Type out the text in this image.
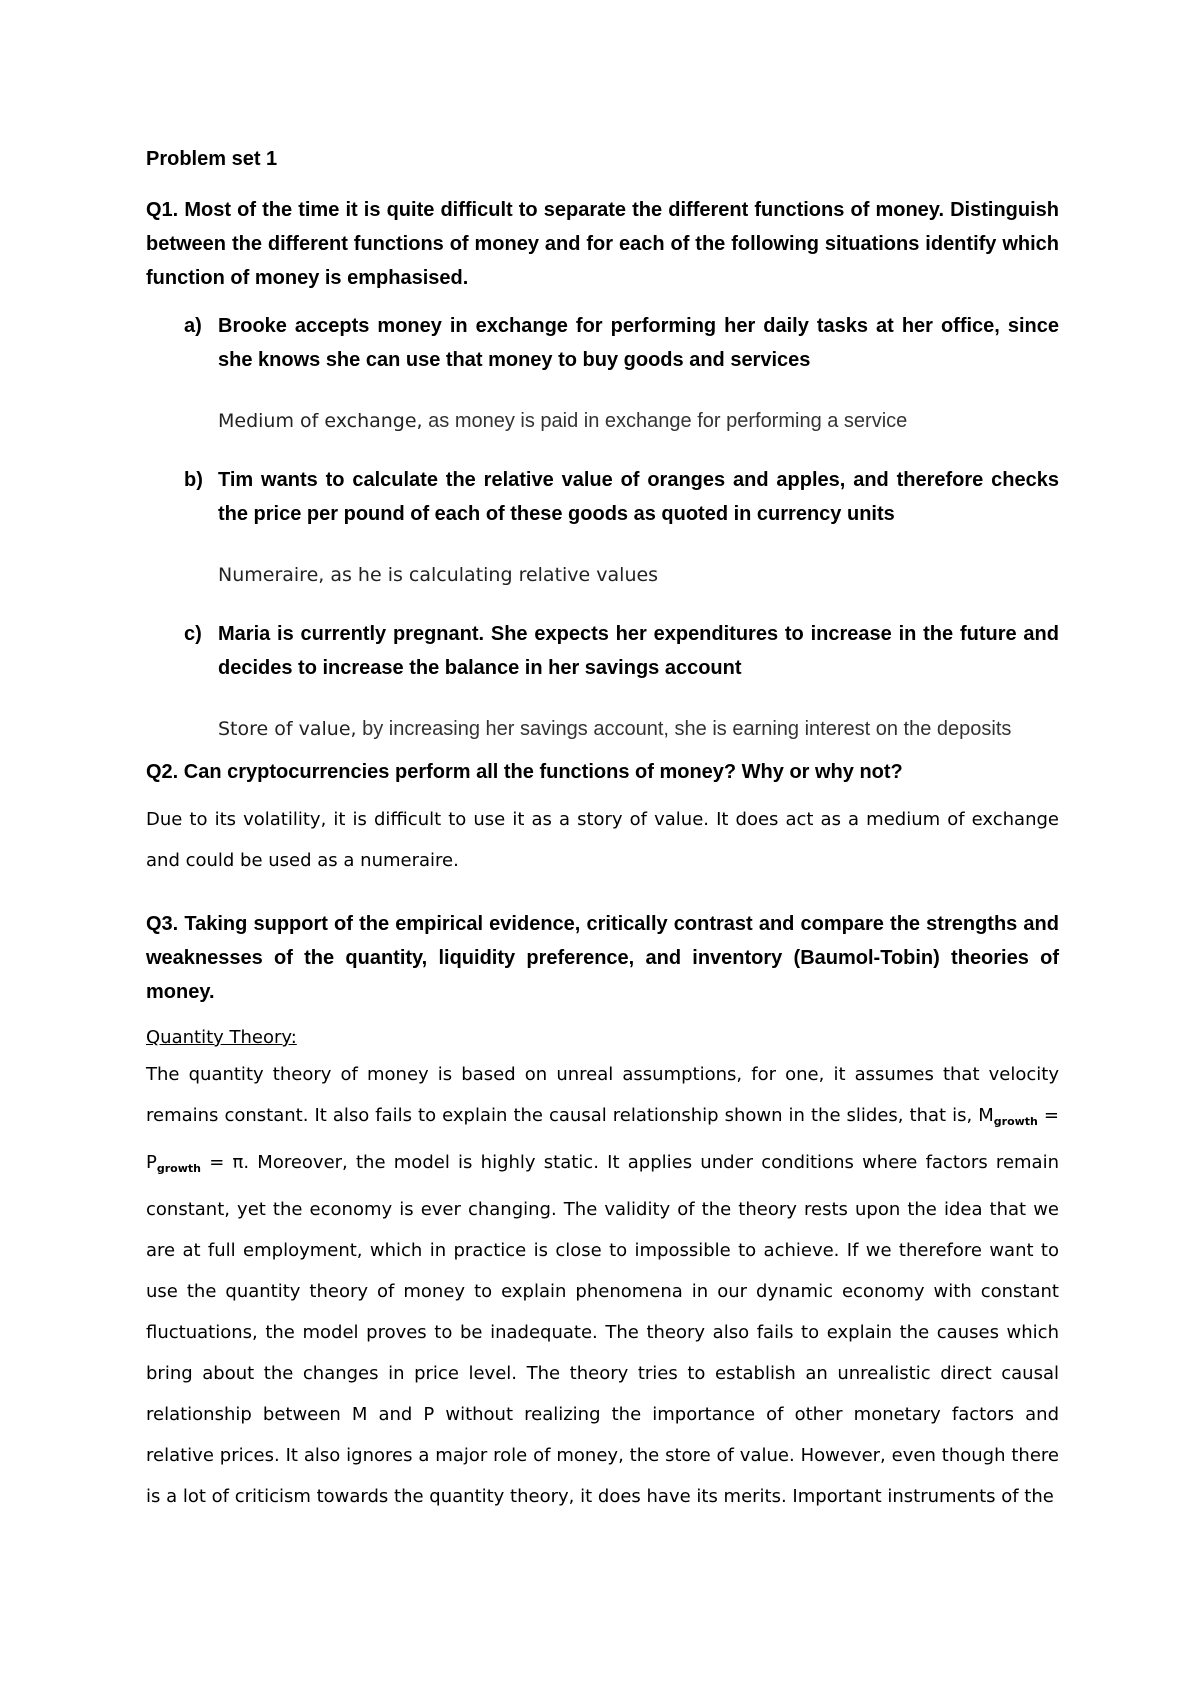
Problem set 1

Q1. Most of the time it is quite difficult to separate the different functions of money. Distinguish between the different functions of money and for each of the following situations identify which function of money is emphasised.

a) Brooke accepts money in exchange for performing her daily tasks at her office, since she knows she can use that money to buy goods and services
Medium of exchange, as money is paid in exchange for performing a service
b) Tim wants to calculate the relative value of oranges and apples, and therefore checks the price per pound of each of these goods as quoted in currency units
Numeraire, as he is calculating relative values
c) Maria is currently pregnant. She expects her expenditures to increase in the future and decides to increase the balance in her savings account
Store of value, by increasing her savings account, she is earning interest on the deposits

Q2. Can cryptocurrencies perform all the functions of money? Why or why not?

Due to its volatility, it is difficult to use it as a story of value. It does act as a medium of exchange and could be used as a numeraire.

Q3. Taking support of the empirical evidence, critically contrast and compare the strengths and weaknesses of the quantity, liquidity preference, and inventory (Baumol-Tobin) theories of money.

Quantity Theory:

The quantity theory of money is based on unreal assumptions, for one, it assumes that velocity remains constant. It also fails to explain the causal relationship shown in the slides, that is, $M_{growth} = P_{growth} = \pi$. Moreover, the model is highly static. It applies under conditions where factors remain constant, yet the economy is ever changing. The validity of the theory rests upon the idea that we are at full employment, which in practice is close to impossible to achieve. If we therefore want to use the quantity theory of money to explain phenomena in our dynamic economy with constant fluctuations, the model proves to be inadequate. The theory also fails to explain the causes which bring about the changes in price level. The theory tries to establish an unrealistic direct causal relationship between M and P without realizing the importance of other monetary factors and relative prices. It also ignores a major role of money, the store of value. However, even though there is a lot of criticism towards the quantity theory, it does have its merits. Important instruments of the
